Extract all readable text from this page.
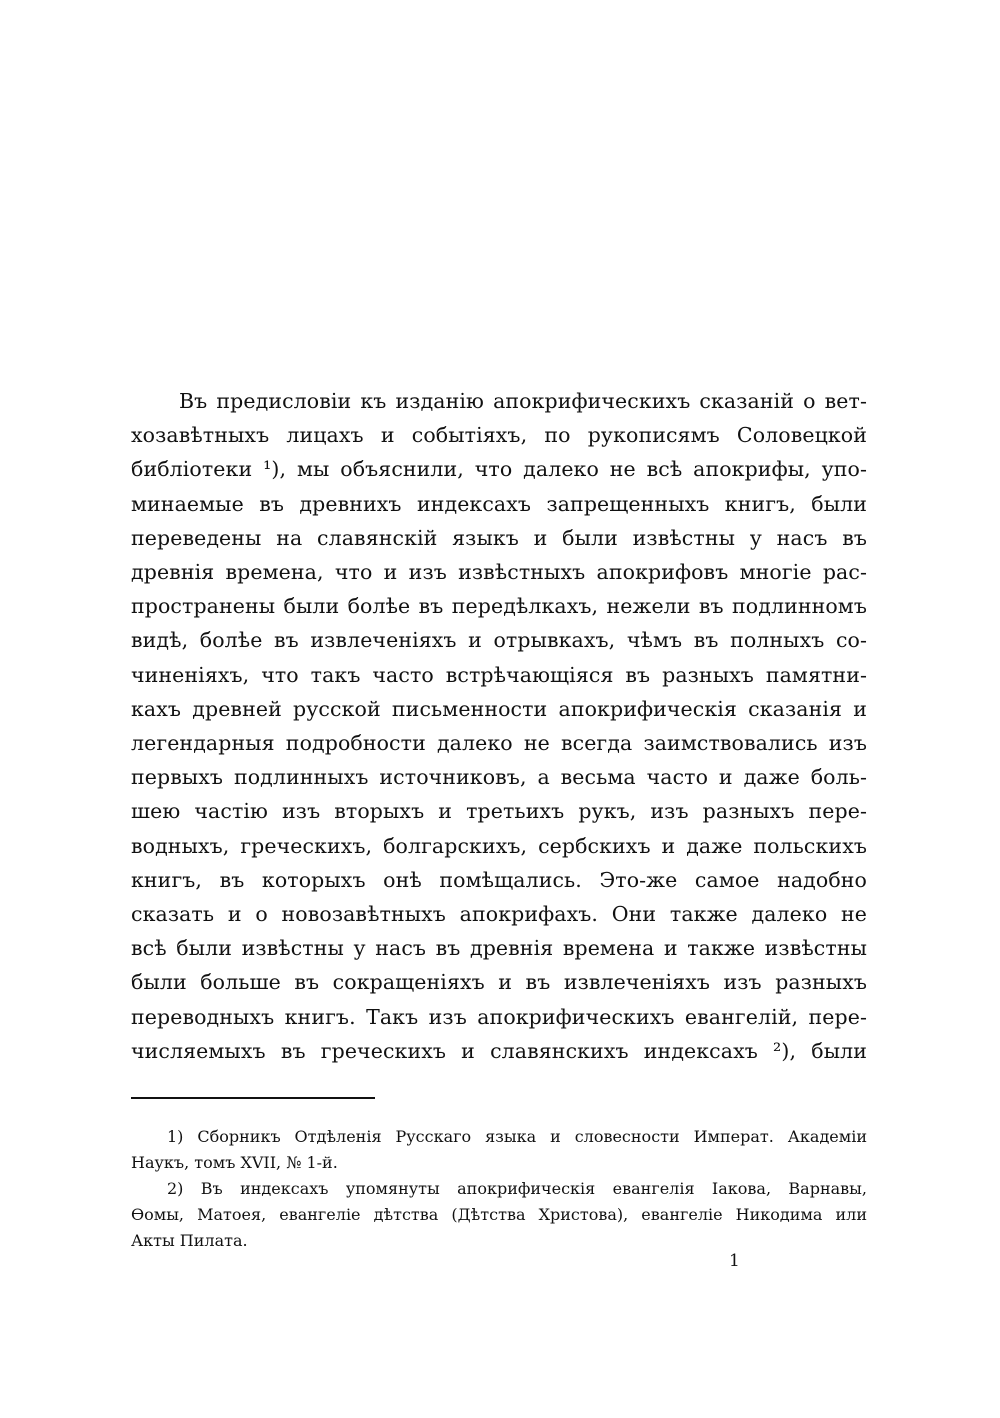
Въ предисловіи къ изданію апокрифическихъ сказаній о вет-
хозавѣтныхъ лицахъ и событіяхъ, по рукописямъ Соловецкой
библіотеки ¹), мы объяснили, что далеко не всѣ апокрифы, упо-
минаемые въ древнихъ индексахъ запрещенныхъ книгъ, были
переведены на славянскій языкъ и были извѣстны у насъ въ
древнія времена, что и изъ извѣстныхъ апокрифовъ многіе рас-
пространены были болѣе въ передѣлкахъ, нежели въ подлинномъ
видѣ, болѣе въ извлеченіяхъ и отрывкахъ, чѣмъ въ полныхъ со-
чиненіяхъ, что такъ часто встрѣчающіяся въ разныхъ памятни-
кахъ древней русской письменности апокрифическія сказанія и
легендарныя подробности далеко не всегда заимствовались изъ
первыхъ подлинныхъ источниковъ, а весьма часто и даже боль-
шею частію изъ вторыхъ и третьихъ рукъ, изъ разныхъ пере-
водныхъ, греческихъ, болгарскихъ, сербскихъ и даже польскихъ
книгъ, въ которыхъ онѣ помѣщались. Это-же самое надобно
сказать и о новозавѣтныхъ апокрифахъ. Они также далеко не
всѣ были извѣстны у насъ въ древнія времена и также извѣстны
были больше въ сокращеніяхъ и въ извлеченіяхъ изъ разныхъ
переводныхъ книгъ. Такъ изъ апокрифическихъ евангелій, пере-
числяемыхъ въ греческихъ и славянскихъ индексахъ ²), были
1) Сборникъ Отдѣленія Русскаго языка и словесности Императ. Академіи
Наукъ, томъ XVII, № 1-й.
2) Въ индексахъ упомянуты апокрифическія евангелія Іакова, Варнавы,
Ѳомы, Матоея, евангеліе дѣтства (Дѣтства Христова), евангеліе Никодима или
Акты Пилата.
1
